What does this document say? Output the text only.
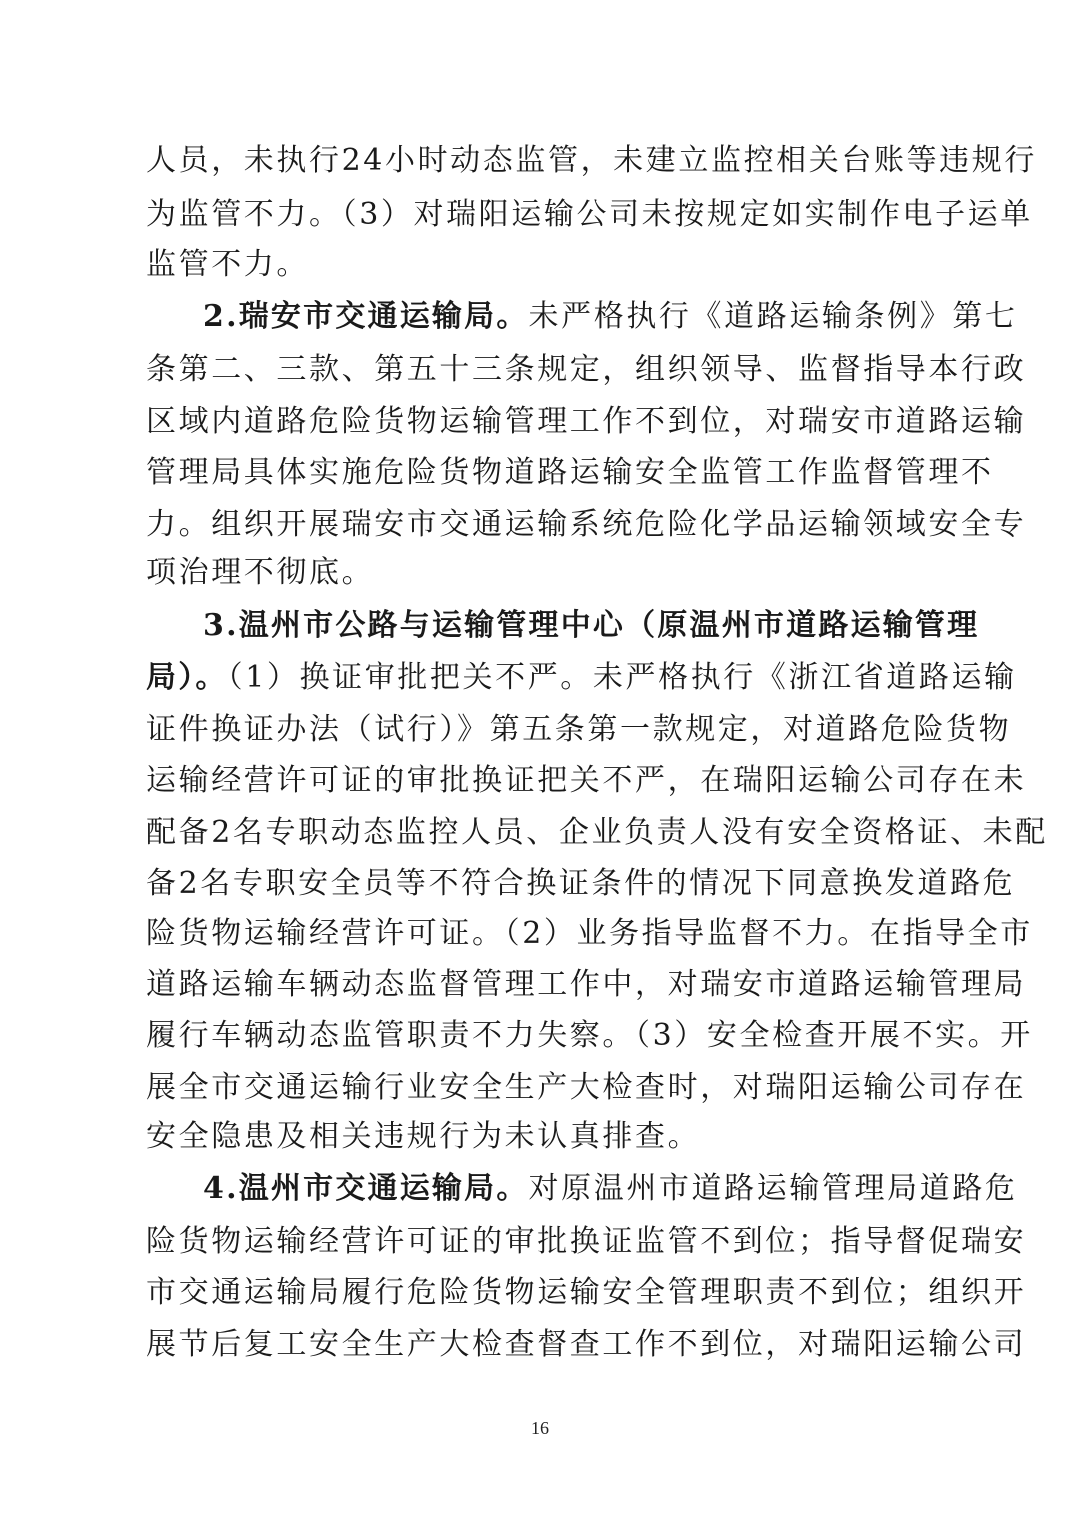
人员，未执行24小时动态监管，未建立监控相关台账等违规行
为监管不力。（3）对瑞阳运输公司未按规定如实制作电子运单
监管不力。
2.瑞安市交通运输局。未严格执行《道路运输条例》第七
条第二、三款、第五十三条规定，组织领导、监督指导本行政
区域内道路危险货物运输管理工作不到位，对瑞安市道路运输
管理局具体实施危险货物道路运输安全监管工作监督管理不
力。组织开展瑞安市交通运输系统危险化学品运输领域安全专
项治理不彻底。
3.温州市公路与运输管理中心（原温州市道路运输管理
局）。（1）换证审批把关不严。未严格执行《浙江省道路运输
证件换证办法（试行）》第五条第一款规定，对道路危险货物
运输经营许可证的审批换证把关不严，在瑞阳运输公司存在未
配备2名专职动态监控人员、企业负责人没有安全资格证、未配
备2名专职安全员等不符合换证条件的情况下同意换发道路危
险货物运输经营许可证。（2）业务指导监督不力。在指导全市
道路运输车辆动态监督管理工作中，对瑞安市道路运输管理局
履行车辆动态监管职责不力失察。（3）安全检查开展不实。开
展全市交通运输行业安全生产大检查时，对瑞阳运输公司存在
安全隐患及相关违规行为未认真排查。
4.温州市交通运输局。对原温州市道路运输管理局道路危
险货物运输经营许可证的审批换证监管不到位；指导督促瑞安
市交通运输局履行危险货物运输安全管理职责不到位；组织开
展节后复工安全生产大检查督查工作不到位，对瑞阳运输公司
16
